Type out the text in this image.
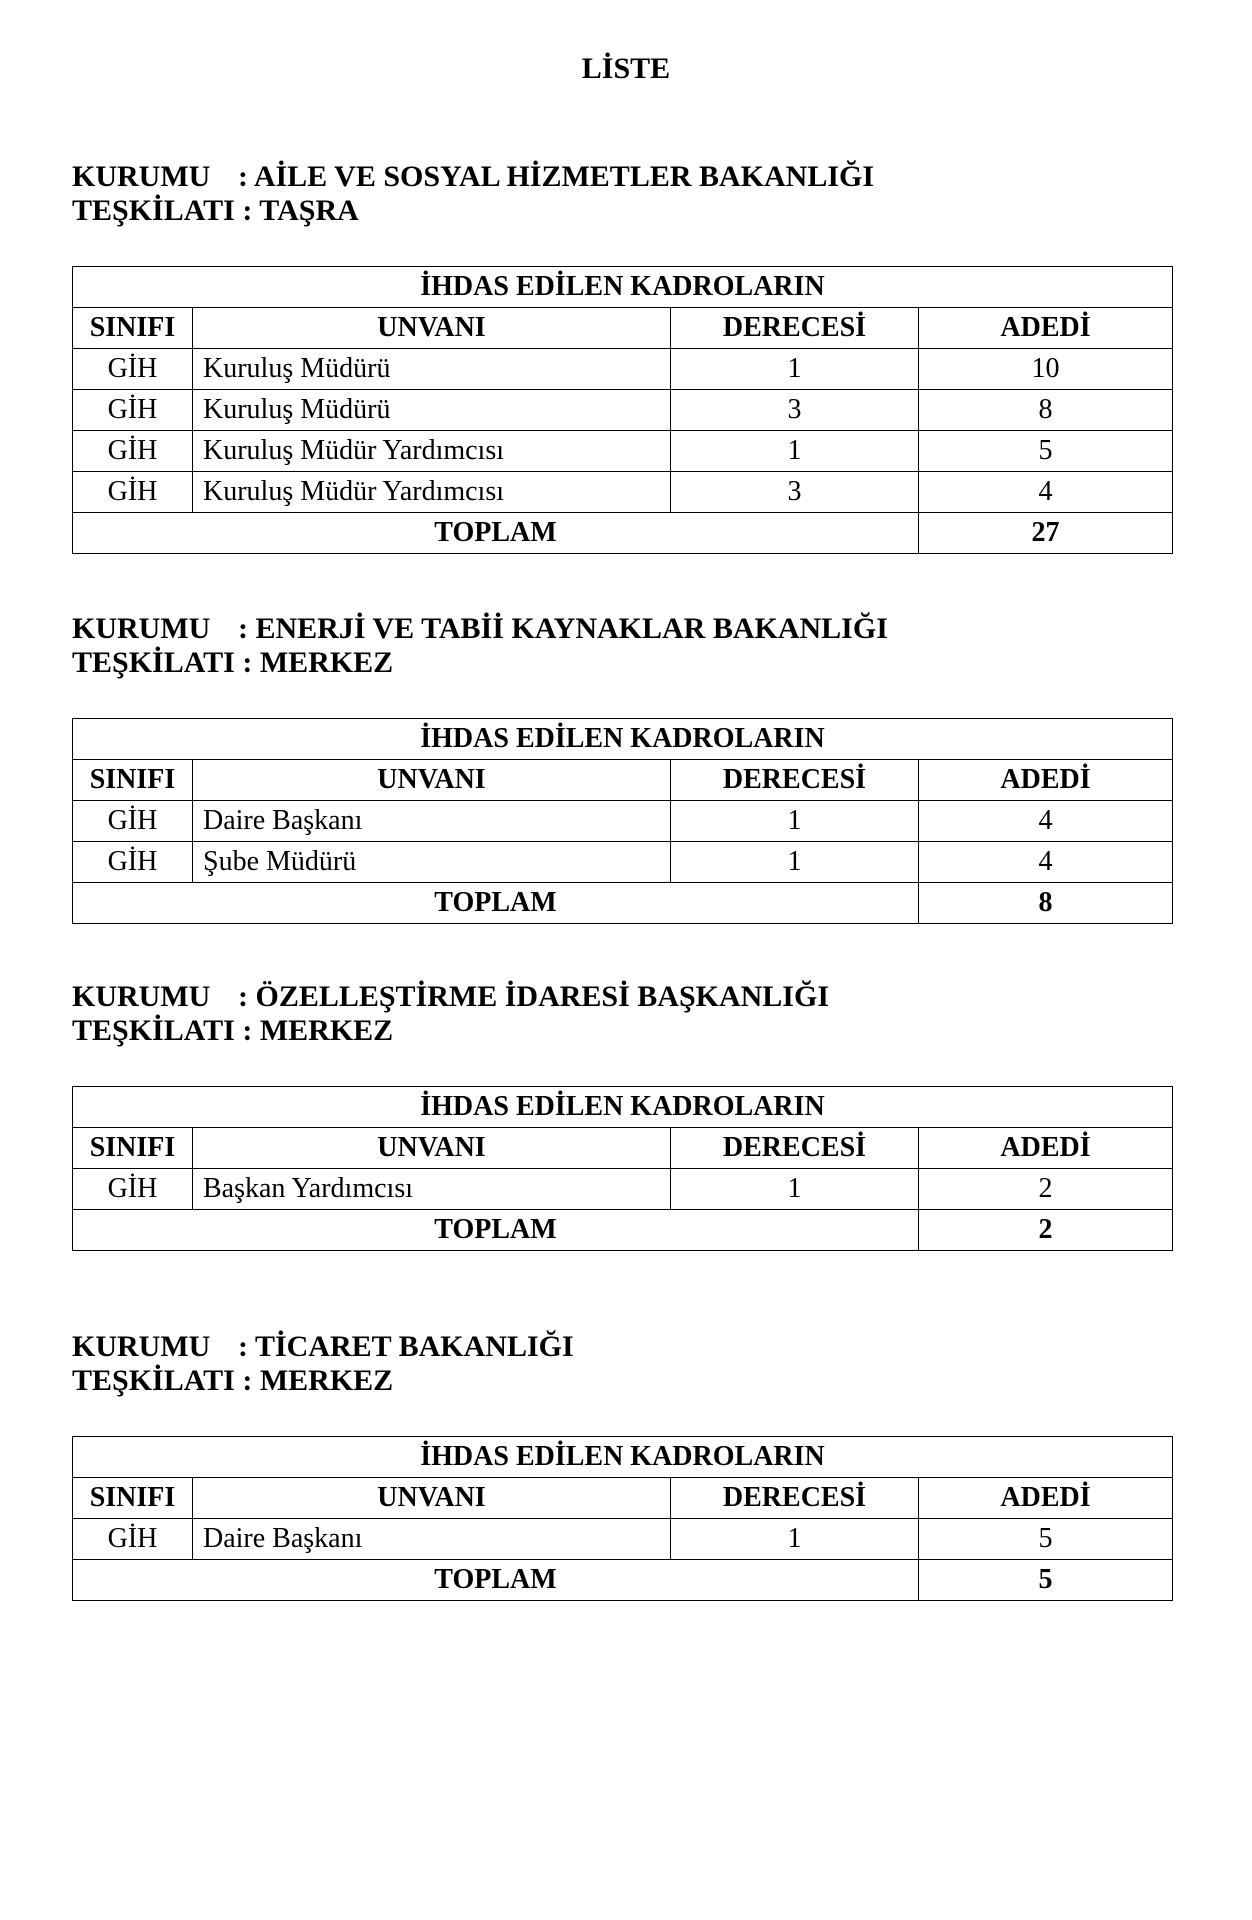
LİSTE
KURUMU : AİLE VE SOSYAL HİZMETLER BAKANLIĞI
TEŞKİLATI : TAŞRA
İHDAS EDİLEN KADROLARIN			
SINIFI	UNVANI	DERECESİ	ADEDİ
GİH	Kuruluş Müdürü	1	10
GİH	Kuruluş Müdürü	3	8
GİH	Kuruluş Müdür Yardımcısı	1	5
GİH	Kuruluş Müdür Yardımcısı	3	4
TOPLAM			27
KURUMU : ENERJİ VE TABİİ KAYNAKLAR BAKANLIĞI
TEŞKİLATI : MERKEZ
İHDAS EDİLEN KADROLARIN			
SINIFI	UNVANI	DERECESİ	ADEDİ
GİH	Daire Başkanı	1	4
GİH	Şube Müdürü	1	4
TOPLAM			8
KURUMU : ÖZELLEŞTİRME İDARESİ BAŞKANLIĞI
TEŞKİLATI : MERKEZ
İHDAS EDİLEN KADROLARIN			
SINIFI	UNVANI	DERECESİ	ADEDİ
GİH	Başkan Yardımcısı	1	2
TOPLAM			2
KURUMU : TİCARET BAKANLIĞI
TEŞKİLATI : MERKEZ
İHDAS EDİLEN KADROLARIN			
SINIFI	UNVANI	DERECESİ	ADEDİ
GİH	Daire Başkanı	1	5
TOPLAM			5
